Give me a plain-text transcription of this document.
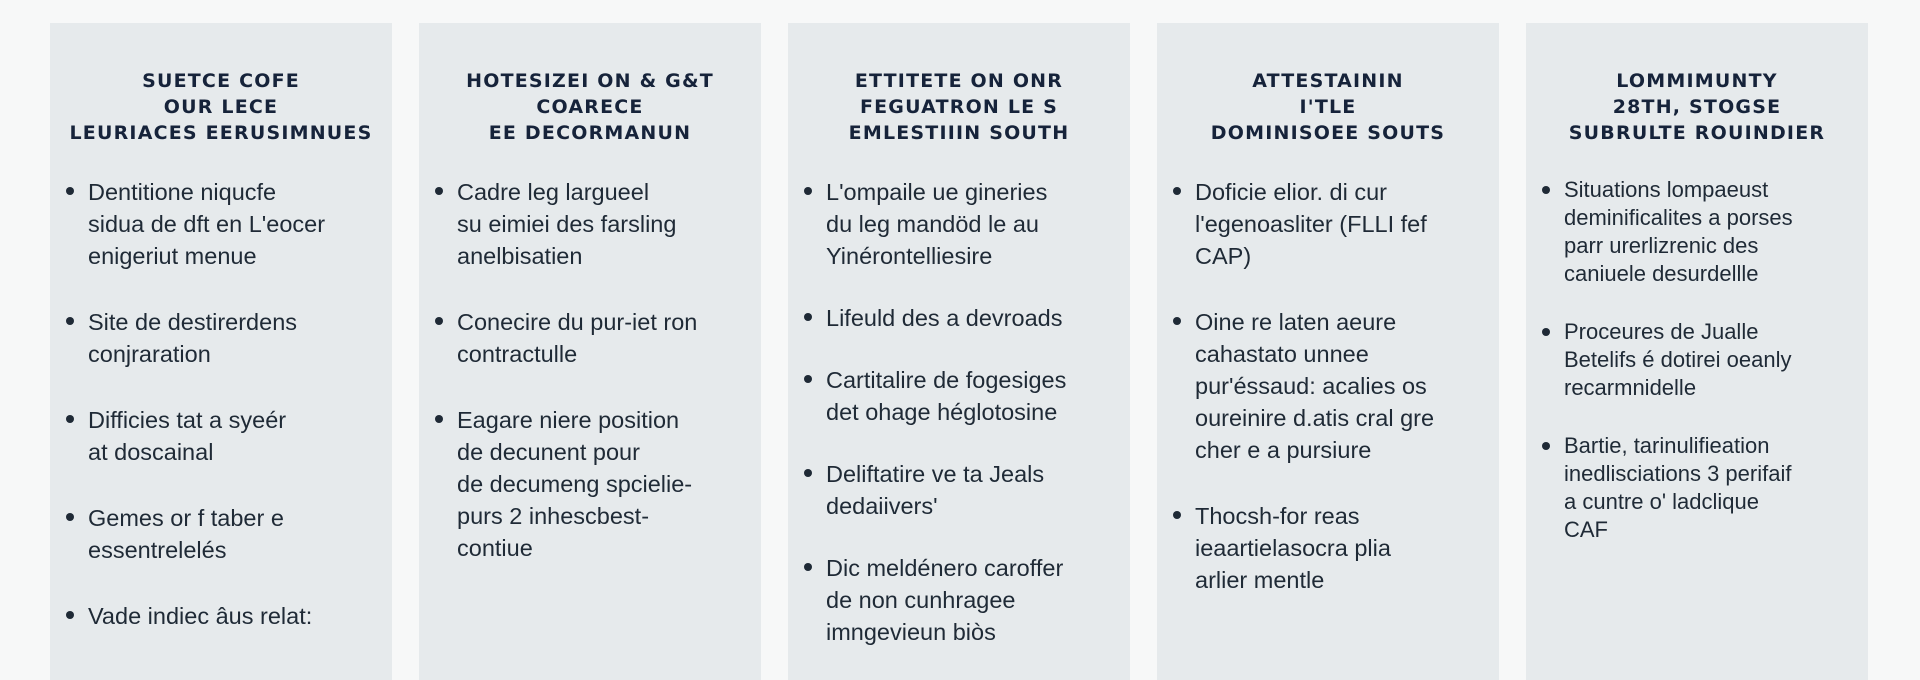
SUETCE COFE
OUR LECE
LEURIACES EERUSIMNUES
Dentitione niqucfe
sidua de dft en L'eocer
enigeriut menue
Site de destirerdens
conjraration
Difficies tat a syeér
at doscainal
Gemes or f taber e
essentrelelés
Vade indiec âus relat:
HOTESIZEI ON & G&T
COARECE
EE DECORMANUN
Cadre leg largueel
su eimiei des farsling
anelbisatien
Conecire du pur-iet ron
contractulle
Eagare niere position
de decunent pour
de decumeng spcielie-
purs 2 inhescbest-
contiue
ETTITETE ON ONR
FEGUATRON LE S
EMLESTIIIN SOUTH
L'ompaile ue gineries
du leg mandöd le au
Yinérontelliesire
Lifeuld des a devroads
Cartitalire de fogesiges
det ohage héglotosine
Deliftatire ve ta Jeals
dedaiivers'
Dic meldénero caroffer
de non cunhragee
imngevieun biòs
ATTESTAININ
I'TLE
DOMINISOEE SOUTS
Doficie elior. di cur
l'egenoasliter (FLLI fef
CAP)
Oine re laten aeure
cahastato unnee
pur'éssaud: acalies os
oureinire d.atis cral gre
cher e a pursiure
Thocsh-for reas
ieaartiеlasocra plia
arlier mentle
LOMMIMUNTY
28TH, STOGSE
SUBRULTE ROUINDIER
Situations lompaeust
deminificalites a porses
parr urerlizrenic des
caniuele desurdellle
Proceures de Jualle
Betelifs é dotirei oeanly
recarmnidelle
Bartie, tarinulifieation
inedlisciations 3 perifaif
a cuntre o' ladclique
CAF
